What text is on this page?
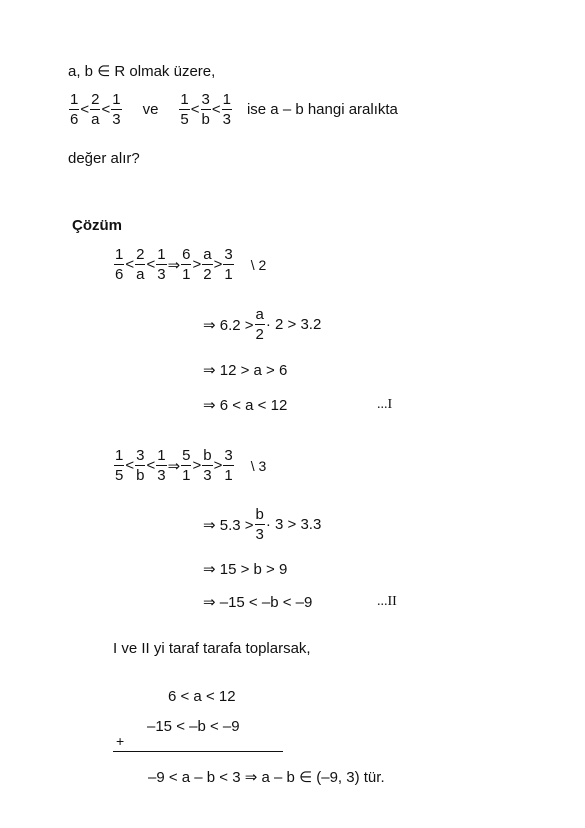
a, b ∈ R olmak üzere,
$\frac{1}{6} < \frac{2}{a} < \frac{1}{3}$ ve $\frac{1}{5} < \frac{3}{b} < \frac{1}{3}$ ise a – b hangi aralıkta
değer alır?
Çözüm
$\frac{1}{6} < \frac{2}{a} < \frac{1}{3}$ ⇒ $\frac{6}{1} > \frac{a}{2} > \frac{3}{1}$ \ 2
⇒ $6.2 > \frac{a}{2} \cdot 2 > 3.2$
⇒ 12 > a > 6
⇒ 6 < a < 12	...I
$\frac{1}{5} < \frac{3}{b} < \frac{1}{3}$ ⇒ $\frac{5}{1} > \frac{b}{3} > \frac{3}{1}$ \ 3
⇒ $5.3 > \frac{b}{3} \cdot 3 > 3.3$
⇒ 15 > b > 9
⇒ –15 < –b < –9	...II
I ve II yi taraf tarafa toplarsak,
6 < a < 12
+
–15 < –b < –9
–9 < a – b < 3 ⇒ a – b ∈ (–9, 3) tür.
